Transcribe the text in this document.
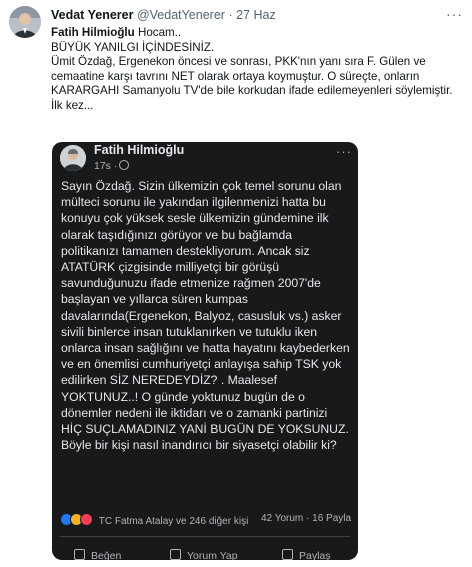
Vedat Yenerer @VedatYenerer · 27 Haz	···

Fatih Hilmioğlu Hocam..

BÜYÜK YANILGI İÇİNDESİNİZ.

Ümit Özdağ, Ergenekon öncesi ve sonrası, PKK'nın yanı sıra F. Gülen ve cemaatine karşı tavrını NET olarak ortaya koymuştur. O süreçte, onların KARARGAHI Samanyolu TV'de bile korkudan ifade edilemeyenleri söylemiştir.

İlk kez...

Fatih Hilmioğlu
17s ·
···
Sayın Özdağ. Sizin ülkemizin çok temel sorunu olan mülteci sorunu ile yakından ilgilenmenizi hatta bu konuyu çok yüksek sesle ülkemizin gündemine ilk olarak taşıdığınızı görüyor ve bu bağlamda politikanızı tamamen destekliyorum. Ancak siz ATATÜRK çizgisinde milliyetçi bir görüşü savunduğunuzu ifade etmenize rağmen 2007'de başlayan ve yıllarca süren kumpas davalarında(Ergenekon, Balyoz, casusluk vs.) asker sivili binlerce insan tutuklanırken ve tutuklu iken onlarca insan sağlığını ve hatta hayatını kaybederken ve en önemlisi cumhuriyetçi anlayışa sahip TSK yok edilirken SİZ NEREDEYDİZ? . Maalesef YOKTUNUZ..! O günde yoktunuz bugün de o dönemler nedeni ile iktidarı ve o zamanki partinizi HİÇ SUÇLAMADINIZ YANİ BUGÜN DE YOKSUNUZ. Böyle bir kişi nasıl inandırıcı bir siyasetçi olabilir ki?
TC Fatma Atalay ve 246 diğer kişi 42 Yorum · 16 Payla
Beğen	Yorum Yap	Paylaş
